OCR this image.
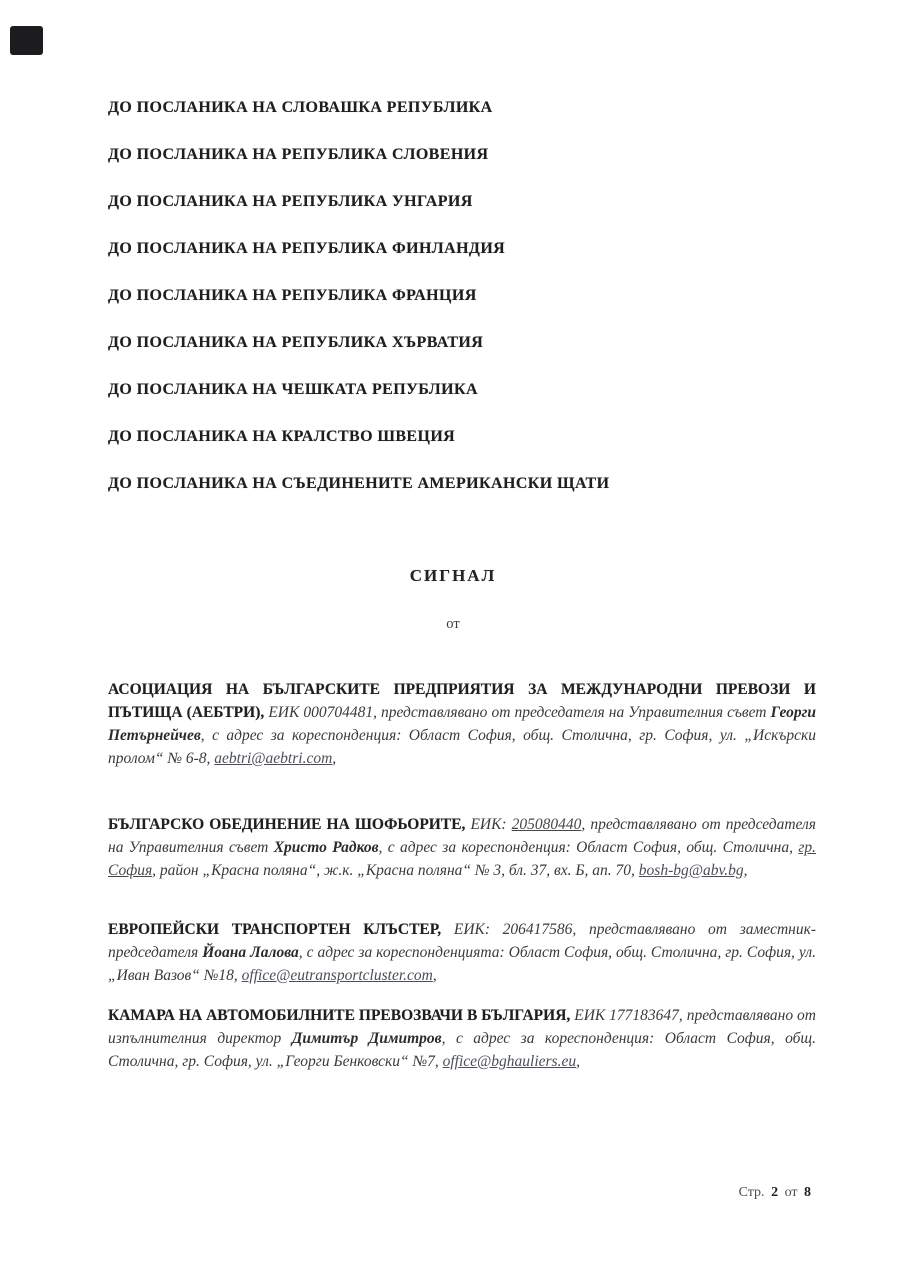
ДО ПОСЛАНИКА НА СЛОВАШКА РЕПУБЛИКА
ДО ПОСЛАНИКА НА РЕПУБЛИКА СЛОВЕНИЯ
ДО ПОСЛАНИКА НА РЕПУБЛИКА УНГАРИЯ
ДО ПОСЛАНИКА НА РЕПУБЛИКА ФИНЛАНДИЯ
ДО ПОСЛАНИКА НА РЕПУБЛИКА ФРАНЦИЯ
ДО ПОСЛАНИКА НА РЕПУБЛИКА ХЪРВАТИЯ
ДО ПОСЛАНИКА НА ЧЕШКАТА РЕПУБЛИКА
ДО ПОСЛАНИКА НА КРАЛСТВО ШВЕЦИЯ
ДО ПОСЛАНИКА НА СЪЕДИНЕНИТЕ АМЕРИКАНСКИ ЩАТИ
СИГНАЛ
от

АСОЦИАЦИЯ НА БЪЛГАРСКИТЕ ПРЕДПРИЯТИЯ ЗА МЕЖДУНАРОДНИ ПРЕВОЗИ И ПЪТИЩА (АЕБТРИ), ЕИК 000704481, представлявано от председателя на Управителния съвет Георги Петърнейчев, с адрес за кореспонденция: Област София, общ. Столична, гр. София, ул. „Искърски пролом“ № 6-8, aebtri@aebtri.com,

БЪЛГАРСКО ОБЕДИНЕНИЕ НА ШОФЬОРИТЕ, ЕИК: 205080440, представлявано от председателя на Управителния съвет Христо Радков, с адрес за кореспонденция: Област София, общ. Столична, гр. София, район „Красна поляна“, ж.к. „Красна поляна“ № 3, бл. 37, вх. Б, ап. 70, bosh-bg@abv.bg,

ЕВРОПЕЙСКИ ТРАНСПОРТЕН КЛЪСТЕР, ЕИК: 206417586, представлявано от заместник-председателя Йоана Лалова, с адрес за кореспонденцията: Област София, общ. Столична, гр. София, ул. „Иван Вазов“ №18, office@eutransportcluster.com,

КАМАРА НА АВТОМОБИЛНИТЕ ПРЕВОЗВАЧИ В БЪЛГАРИЯ, ЕИК 177183647, представлявано от изпълнителния директор Димитър Димитров, с адрес за кореспонденция: Област София, общ. Столична, гр. София, ул. „Георги Бенковски“ №7, office@bghauliers.eu,

Стр. 2 от 8
